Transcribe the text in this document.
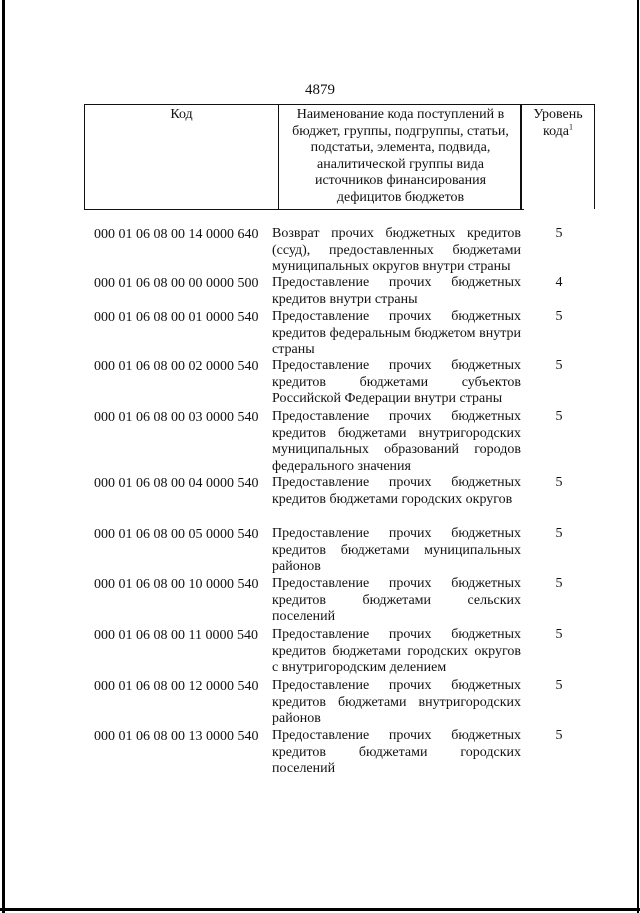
4879
Код	Наименование кода поступлений в бюджет, группы, подгруппы, статьи, подстатьи, элемента, подвида, аналитической группы вида источников финансирования дефицитов бюджетов
Уровень кода$^1$
000 01 06 08 00 14 0000 640 Возврат прочих бюджетных кредитов (ссуд), предоставленных бюджетами муниципальных округов внутри страны
5
000 01 06 08 00 00 0000 500 Предоставление прочих бюджетных кредитов внутри страны
4
000 01 06 08 00 01 0000 540 Предоставление прочих бюджетных кредитов федеральным бюджетом внутри страны
5
000 01 06 08 00 02 0000 540 Предоставление прочих бюджетных кредитов бюджетами субъектов Российской Федерации внутри страны
5
000 01 06 08 00 03 0000 540 Предоставление прочих бюджетных кредитов бюджетами внутригородских муниципальных образований городов федерального значения
5
000 01 06 08 00 04 0000 540 Предоставление прочих бюджетных кредитов бюджетами городских округов
5
000 01 06 08 00 05 0000 540 Предоставление прочих бюджетных кредитов бюджетами муниципальных районов
5
000 01 06 08 00 10 0000 540 Предоставление прочих бюджетных кредитов бюджетами сельских поселений
5
000 01 06 08 00 11 0000 540	Предоставление прочих бюджетных кредитов бюджетами городских округов с внутригородским делением
5
000 01 06 08 00 12 0000 540 Предоставление прочих бюджетных кредитов бюджетами внутригородских районов
5
000 01 06 08 00 13 0000 540 Предоставление прочих бюджетных кредитов бюджетами городских поселений
5
